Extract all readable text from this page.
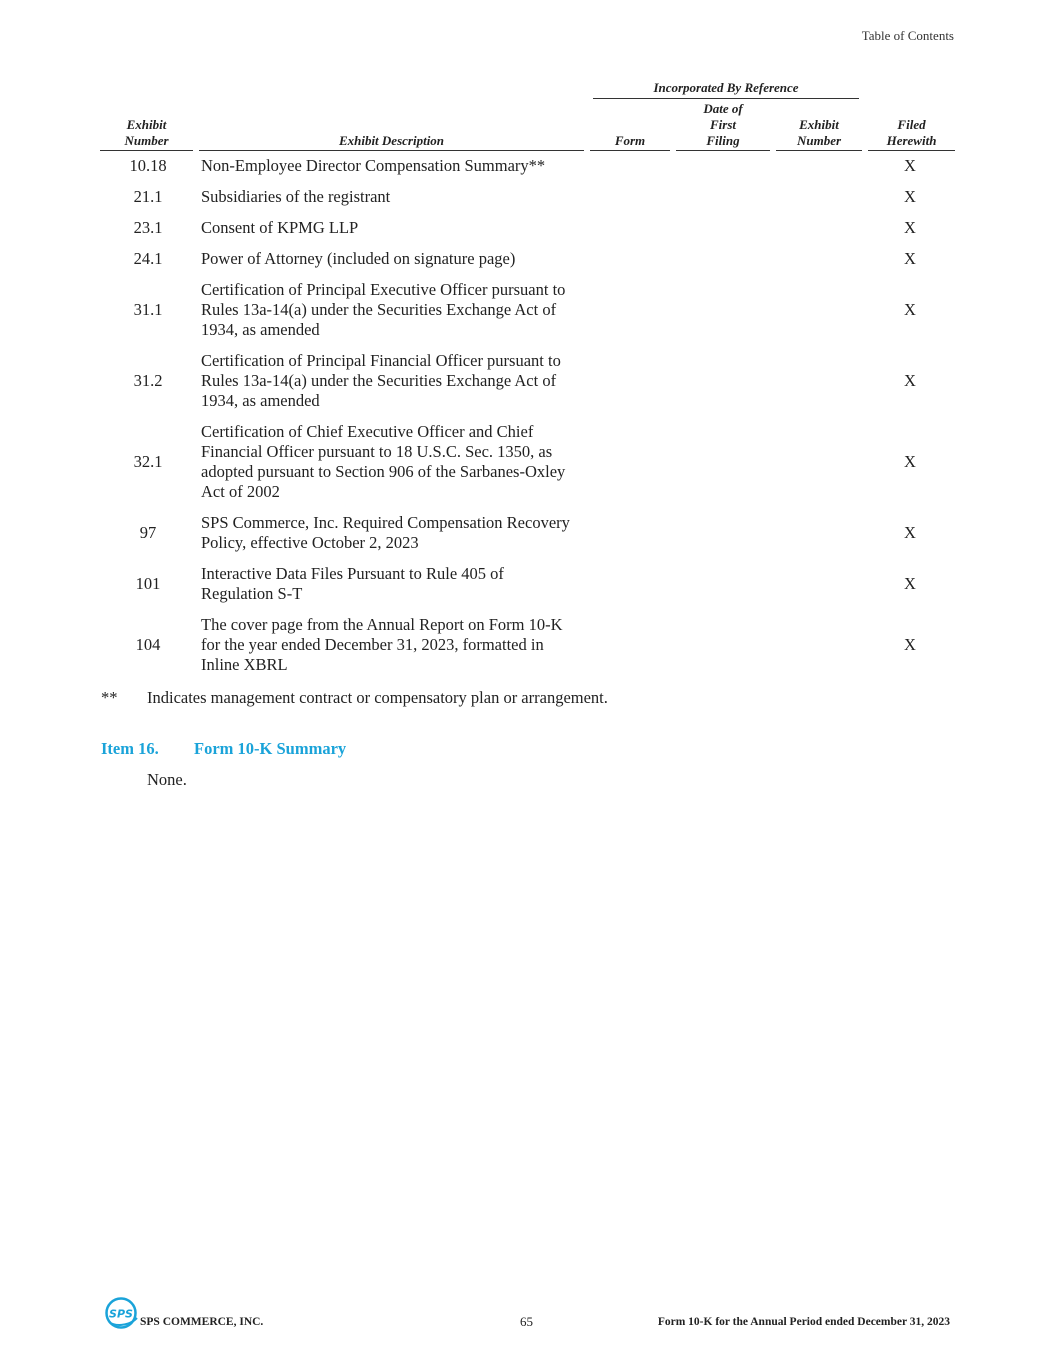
Table of Contents

		Incorporated By Reference			

Exhibit
Number	Exhibit Description	Form	Date of
First
Filing	Exhibit
Number	Filed
Herewith

10.18	Non-Employee Director Compensation Summary**				X
21.1	Subsidiaries of the registrant				X
23.1	Consent of KPMG LLP				X
24.1	Power of Attorney (included on signature page)				X
31.1	Certification of Principal Executive Officer pursuant to Rules 13a-14(a) under the Securities Exchange Act of 1934, as amended				X
31.2	Certification of Principal Financial Officer pursuant to Rules 13a-14(a) under the Securities Exchange Act of 1934, as amended				X
32.1	Certification of Chief Executive Officer and Chief Financial Officer pursuant to 18 U.S.C. Sec. 1350, as adopted pursuant to Section 906 of the Sarbanes-Oxley Act of 2002				X
97	SPS Commerce, Inc. Required Compensation Recovery Policy, effective October 2, 2023				X
101	Interactive Data Files Pursuant to Rule 405 of Regulation S-T				X
104	The cover page from the Annual Report on Form 10-K for the year ended December 31, 2023, formatted in Inline XBRL				X
** Indicates management contract or compensatory plan or arrangement.
Item 16. Form 10-K Summary
None.
SPS
SPS COMMERCE, INC.	65	Form 10-K for the Annual Period ended December 31, 2023
